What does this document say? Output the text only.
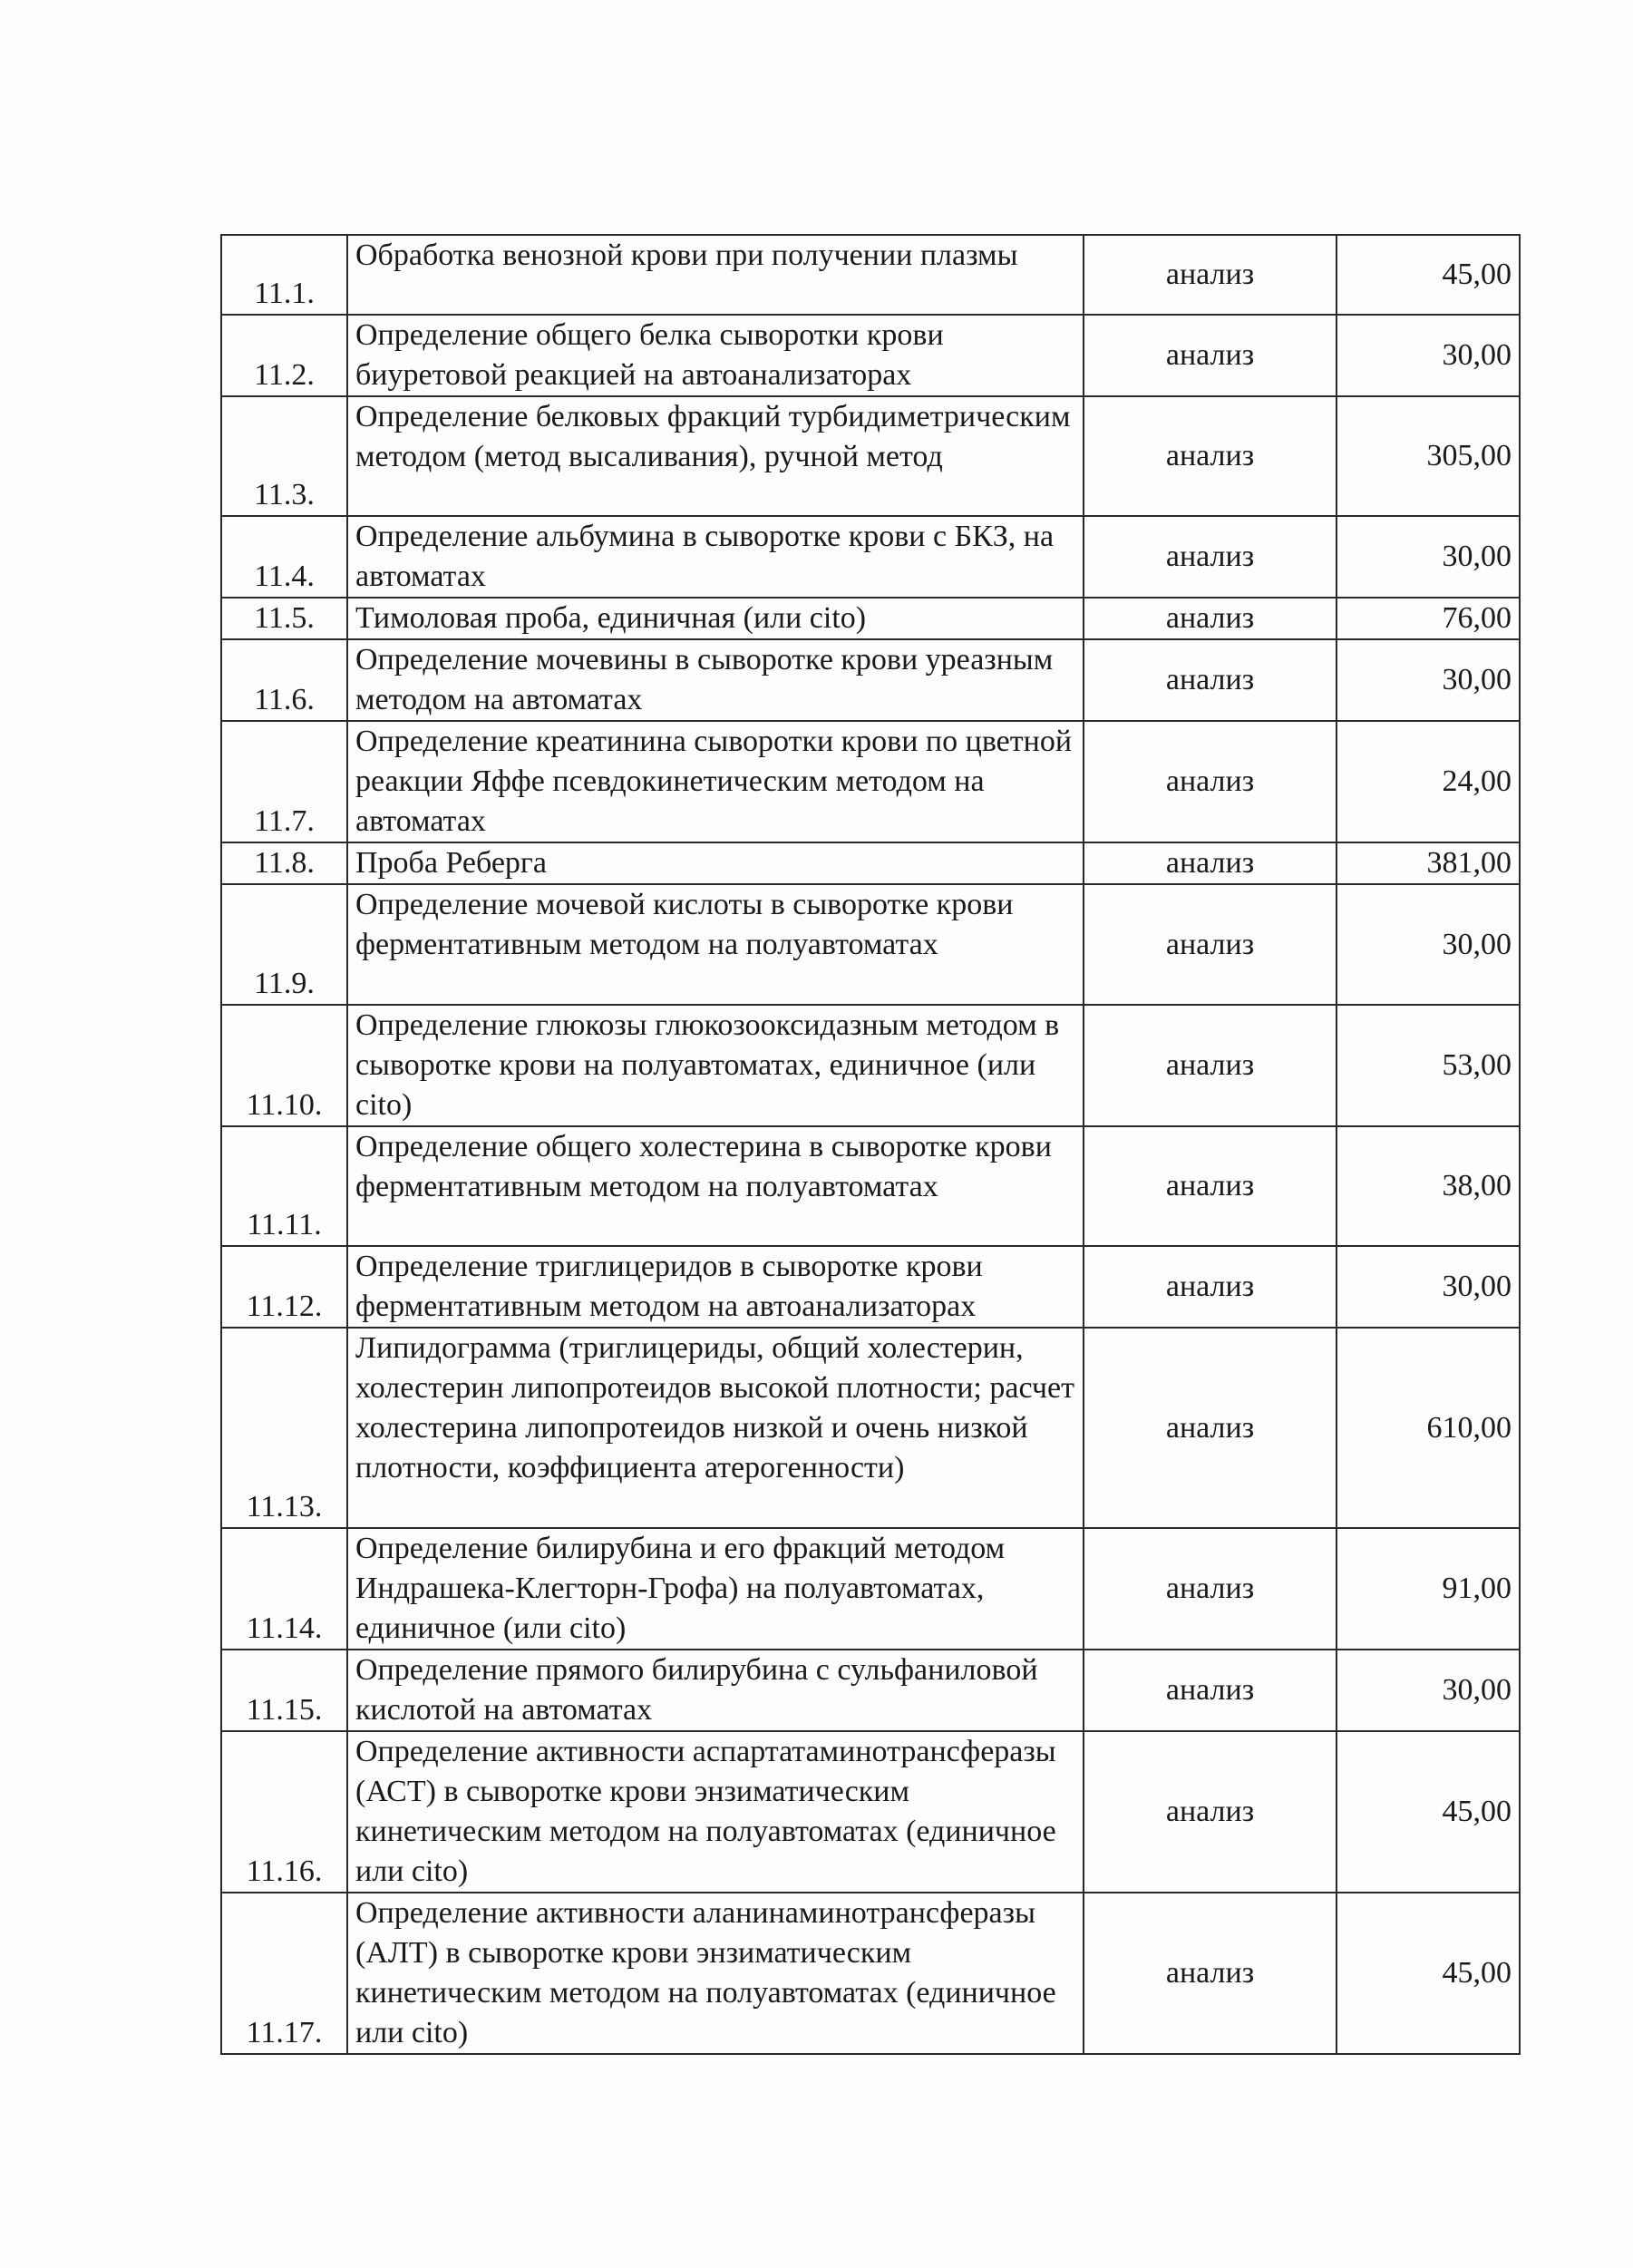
11.1.	Обработка венозной крови при получении плазмы	анализ	45,00
11.2.	Определение общего белка сыворотки крови биуретовой реакцией на автоанализаторах	анализ	30,00
11.3.	Определение белковых фракций турбидиметрическим методом (метод высаливания), ручной метод	анализ	305,00
11.4.	Определение альбумина в сыворотке крови с БКЗ, на автоматах	анализ	30,00
11.5.	Тимоловая проба, единичная (или cito)	анализ	76,00
11.6.	Определение мочевины в сыворотке крови уреазным методом на автоматах	анализ	30,00
11.7.	Определение креатинина сыворотки крови по цветной реакции Яффе псевдокинетическим методом на автоматах	анализ	24,00
11.8.	Проба Реберга	анализ	381,00
11.9.	Определение мочевой кислоты в сыворотке крови ферментативным методом на полуавтоматах	анализ	30,00
11.10.	Определение глюкозы глюкозооксидазным методом в сыворотке крови на полуавтоматах, единичное (или cito)	анализ	53,00
11.11.	Определение общего холестерина в сыворотке крови ферментативным методом на полуавтоматах	анализ	38,00
11.12.	Определение триглицеридов в сыворотке крови ферментативным методом на автоанализаторах	анализ	30,00
11.13.	Липидограмма (триглицериды, общий холестерин, холестерин липопротеидов высокой плотности; расчет холестерина липопротеидов низкой и очень низкой плотности, коэффициента атерогенности)	анализ	610,00
11.14.	Определение билирубина и его фракций методом Индрашека-Клегторн-Грофа) на полуавтоматах, единичное (или cito)	анализ	91,00
11.15.	Определение прямого билирубина с сульфаниловой кислотой на автоматах	анализ	30,00
11.16.	Определение активности аспартатаминотрансферазы (АСТ) в сыворотке крови энзиматическим кинетическим методом на полуавтоматах (единичное или cito)	анализ	45,00
11.17.	Определение активности аланинаминотрансферазы (АЛТ) в сыворотке крови энзиматическим кинетическим методом на полуавтоматах (единичное или cito)	анализ	45,00
